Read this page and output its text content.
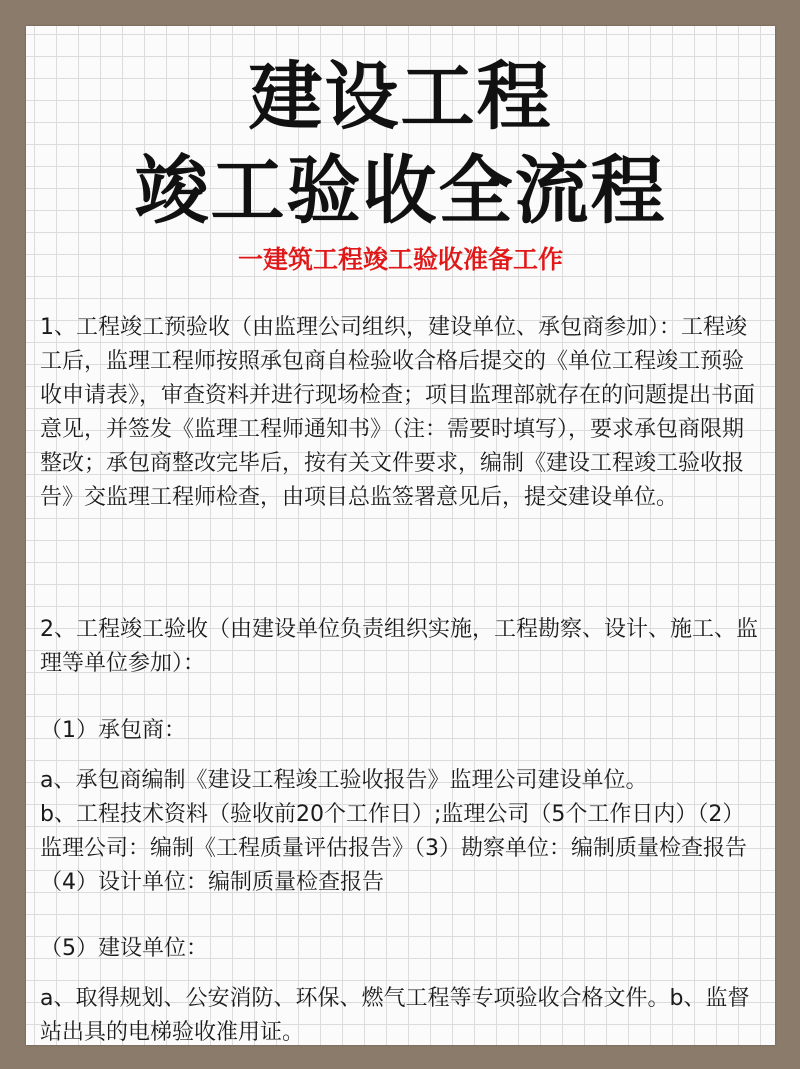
建设工程
竣工验收全流程
一建筑工程竣工验收准备工作
1、工程竣工预验收（由监理公司组织，建设单位、承包商参加）：工程竣工后，监理工程师按照承包商自检验收合格后提交的《单位工程竣工预验收申请表》，审查资料并进行现场检查；项目监理部就存在的问题提出书面意见，并签发《监理工程师通知书》（注：需要时填写），要求承包商限期整改；承包商整改完毕后，按有关文件要求，编制《建设工程竣工验收报告》交监理工程师检查，由项目总监签署意见后，提交建设单位。
2、工程竣工验收（由建设单位负责组织实施，工程勘察、设计、施工、监理等单位参加）：
（1）承包商：
a、承包商编制《建设工程竣工验收报告》监理公司建设单位。
b、工程技术资料（验收前20个工作日）;监理公司（5个工作日内）（2）监理公司：编制《工程质量评估报告》（3）勘察单位：编制质量检查报告（4）设计单位：编制质量检查报告
（5）建设单位：
a、取得规划、公安消防、环保、燃气工程等专项验收合格文件。b、监督站出具的电梯验收准用证。
